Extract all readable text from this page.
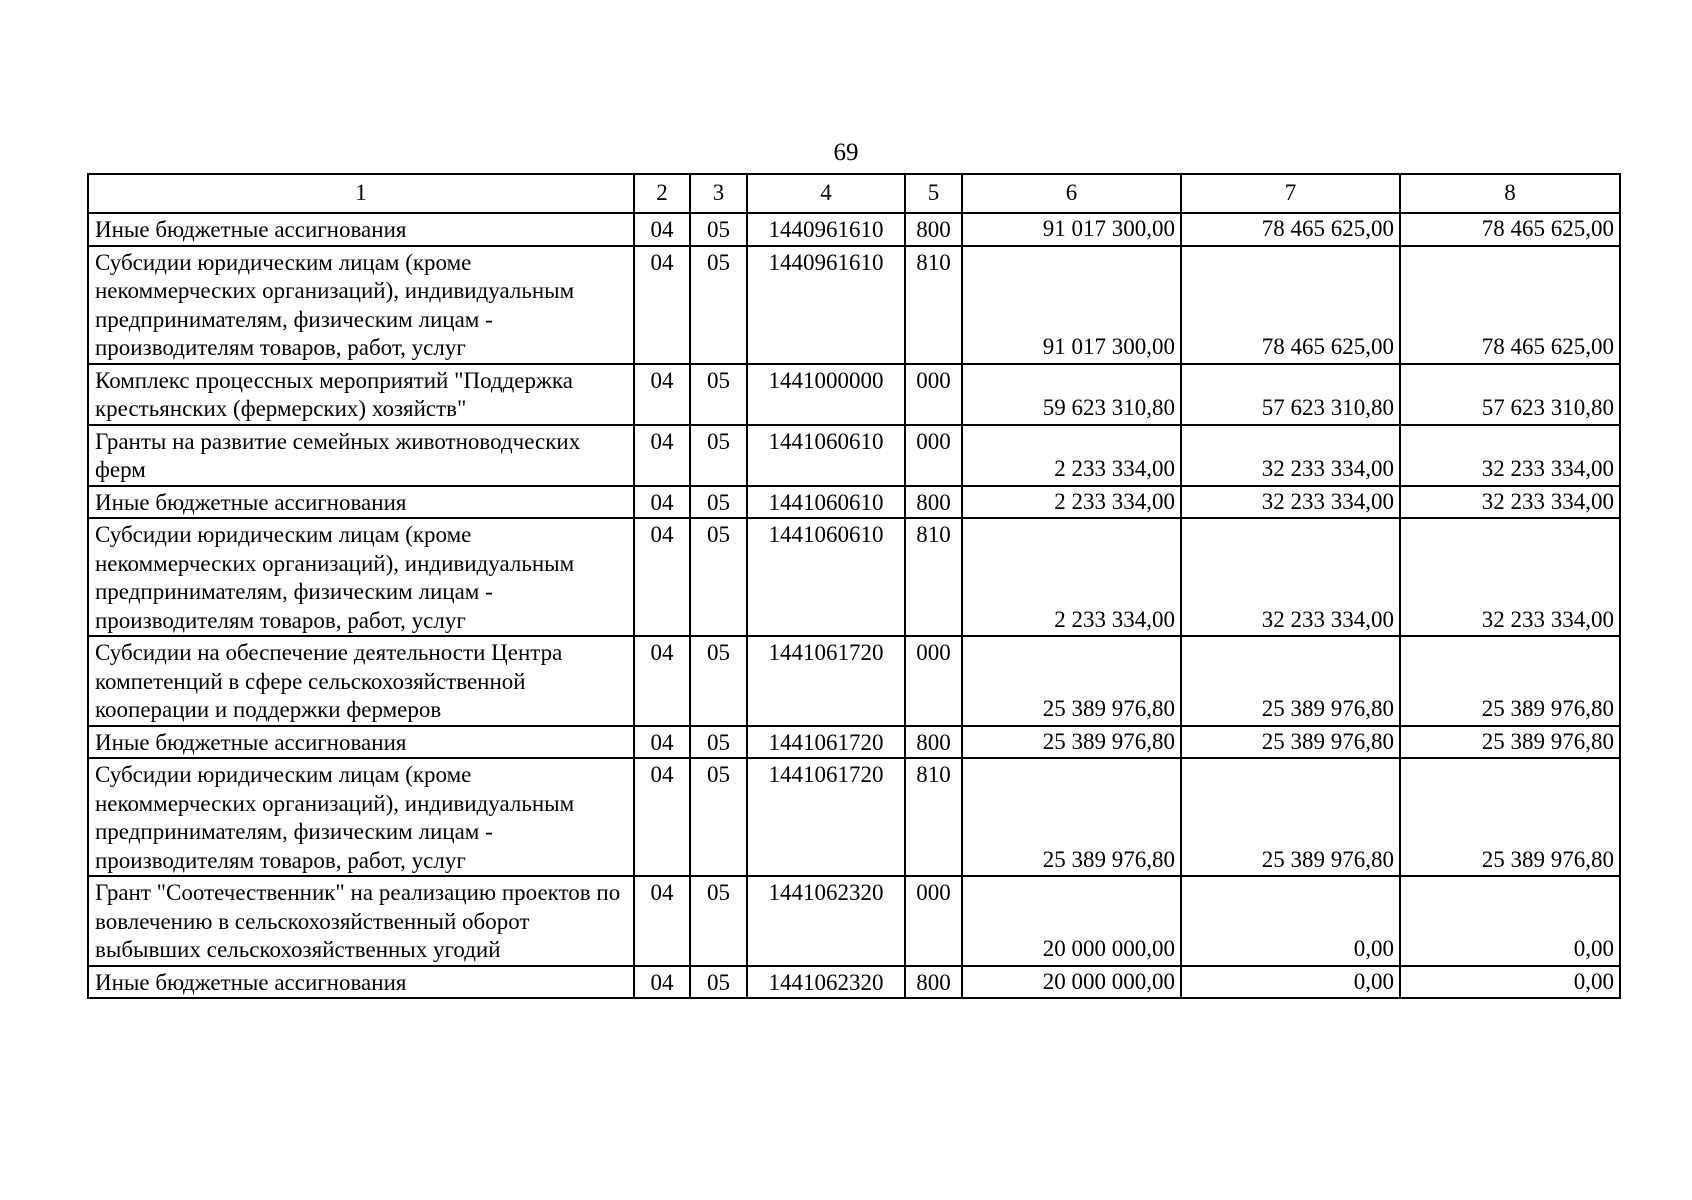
69
1	2	3	4	5	6	7	8
Иные бюджетные ассигнования	04	05	1440961610	800	91 017 300,00	78 465 625,00	78 465 625,00
Субсидии юридическим лицам (кроме некоммерческих организаций), индивидуальным предпринимателям, физическим лицам - производителям товаров, работ, услуг	04	05	1440961610	810	91 017 300,00	78 465 625,00	78 465 625,00
Комплекс процессных мероприятий "Поддержка крестьянских (фермерских) хозяйств"	04	05	1441000000	000	59 623 310,80	57 623 310,80	57 623 310,80
Гранты на развитие семейных животноводческих ферм	04	05	1441060610	000	2 233 334,00	32 233 334,00	32 233 334,00
Иные бюджетные ассигнования	04	05	1441060610	800	2 233 334,00	32 233 334,00	32 233 334,00
Субсидии юридическим лицам (кроме некоммерческих организаций), индивидуальным предпринимателям, физическим лицам - производителям товаров, работ, услуг	04	05	1441060610	810	2 233 334,00	32 233 334,00	32 233 334,00
Субсидии на обеспечение деятельности Центра компетенций в сфере сельскохозяйственной кооперации и поддержки фермеров	04	05	1441061720	000	25 389 976,80	25 389 976,80	25 389 976,80
Иные бюджетные ассигнования	04	05	1441061720	800	25 389 976,80	25 389 976,80	25 389 976,80
Субсидии юридическим лицам (кроме некоммерческих организаций), индивидуальным предпринимателям, физическим лицам - производителям товаров, работ, услуг	04	05	1441061720	810	25 389 976,80	25 389 976,80	25 389 976,80
Грант "Соотечественник" на реализацию проектов по вовлечению в сельскохозяйственный оборот выбывших сельскохозяйственных угодий	04	05	1441062320	000	20 000 000,00	0,00	0,00
Иные бюджетные ассигнования	04	05	1441062320	800	20 000 000,00	0,00	0,00
